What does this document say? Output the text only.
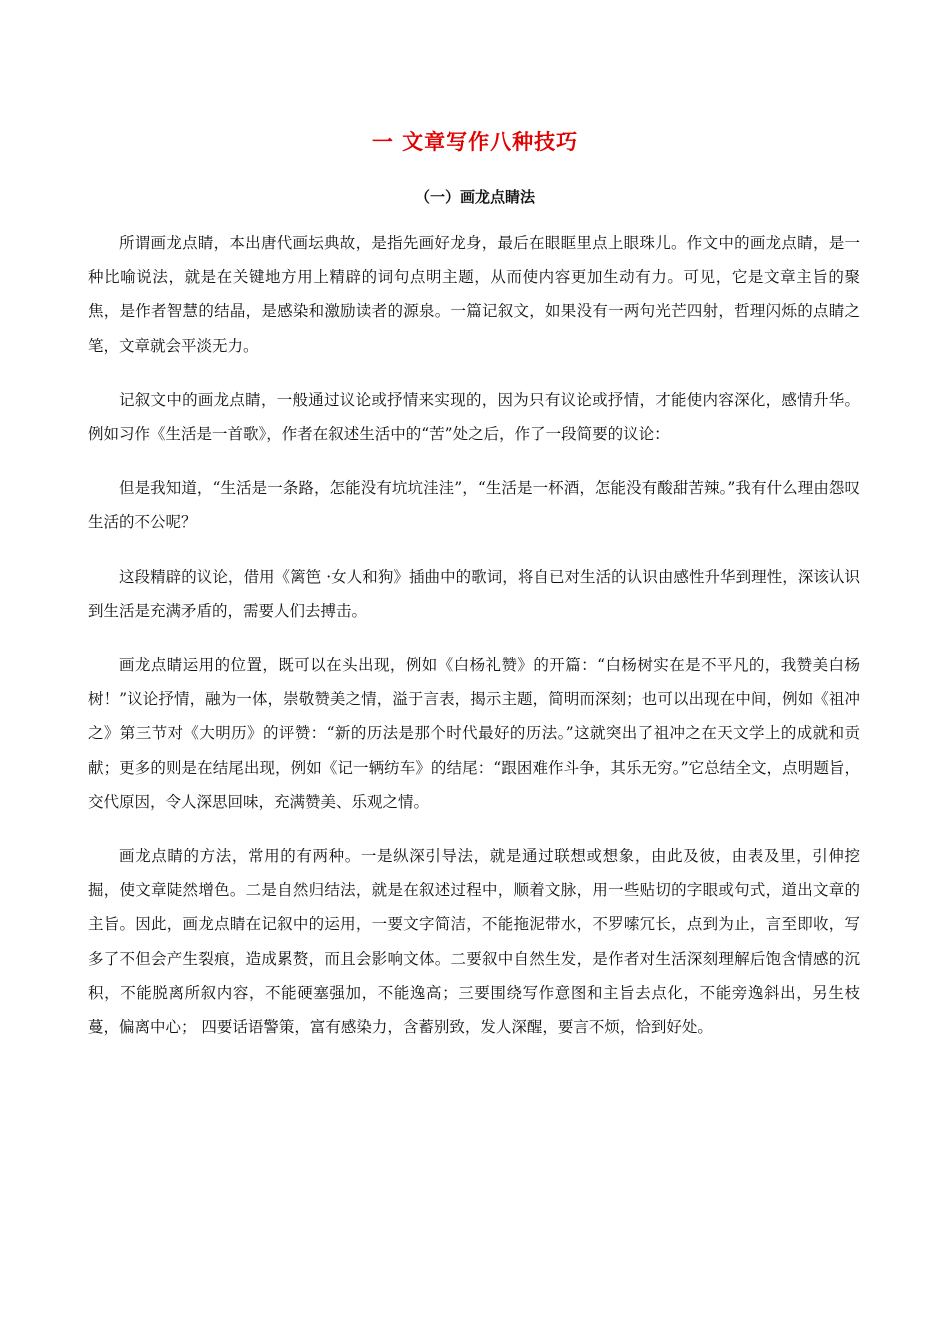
一 文章写作八种技巧
（一）画龙点睛法

所谓画龙点睛，本出唐代画坛典故，是指先画好龙身，最后在眼眶里点上眼珠儿。作文中的画龙点睛，是一种比喻说法，就是在关键地方用上精辟的词句点明主题，从而使内容更加生动有力。可见，它是文章主旨的聚焦，是作者智慧的结晶，是感染和激励读者的源泉。一篇记叙文，如果没有一两句光芒四射，哲理闪烁的点睛之笔，文章就会平淡无力。

记叙文中的画龙点睛，一般通过议论或抒情来实现的，因为只有议论或抒情，才能使内容深化，感情升华。例如习作《生活是一首歌》，作者在叙述生活中的“苦”处之后，作了一段简要的议论：

但是我知道，“生活是一条路，怎能没有坑坑洼洼”，“生活是一杯酒，怎能没有酸甜苦辣。”我有什么理由怨叹生活的不公呢？

这段精辟的议论，借用《篱笆 ·女人和狗》插曲中的歌词，将自已对生活的认识由感性升华到理性，深该认识到生活是充满矛盾的，需要人们去搏击。

画龙点睛运用的位置，既可以在头出现，例如《白杨礼赞》的开篇：“白杨树实在是不平凡的，我赞美白杨树！”议论抒情，融为一体，崇敬赞美之情，溢于言表，揭示主题，简明而深刻；也可以出现在中间，例如《祖冲之》第三节对《大明历》的评赞：“新的历法是那个时代最好的历法。”这就突出了祖冲之在天文学上的成就和贡献；更多的则是在结尾出现，例如《记一辆纺车》的结尾：“跟困难作斗争，其乐无穷。”它总结全文，点明题旨，交代原因，令人深思回味，充满赞美、乐观之情。

画龙点睛的方法，常用的有两种。一是纵深引导法，就是通过联想或想象，由此及彼，由表及里，引伸挖掘，使文章陡然增色。二是自然归结法，就是在叙述过程中，顺着文脉，用一些贴切的字眼或句式，道出文章的主旨。因此，画龙点睛在记叙中的运用，一要文字简洁，不能拖泥带水，不罗嗦冗长，点到为止，言至即收，写多了不但会产生裂痕，造成累赘，而且会影响文体。二要叙中自然生发，是作者对生活深刻理解后饱含情感的沉积，不能脱离所叙内容，不能硬塞强加，不能逸高；三要围绕写作意图和主旨去点化，不能旁逸斜出，另生枝蔓，偏离中心； 四要话语警策，富有感染力，含蓄别致，发人深醒，要言不烦，恰到好处。
